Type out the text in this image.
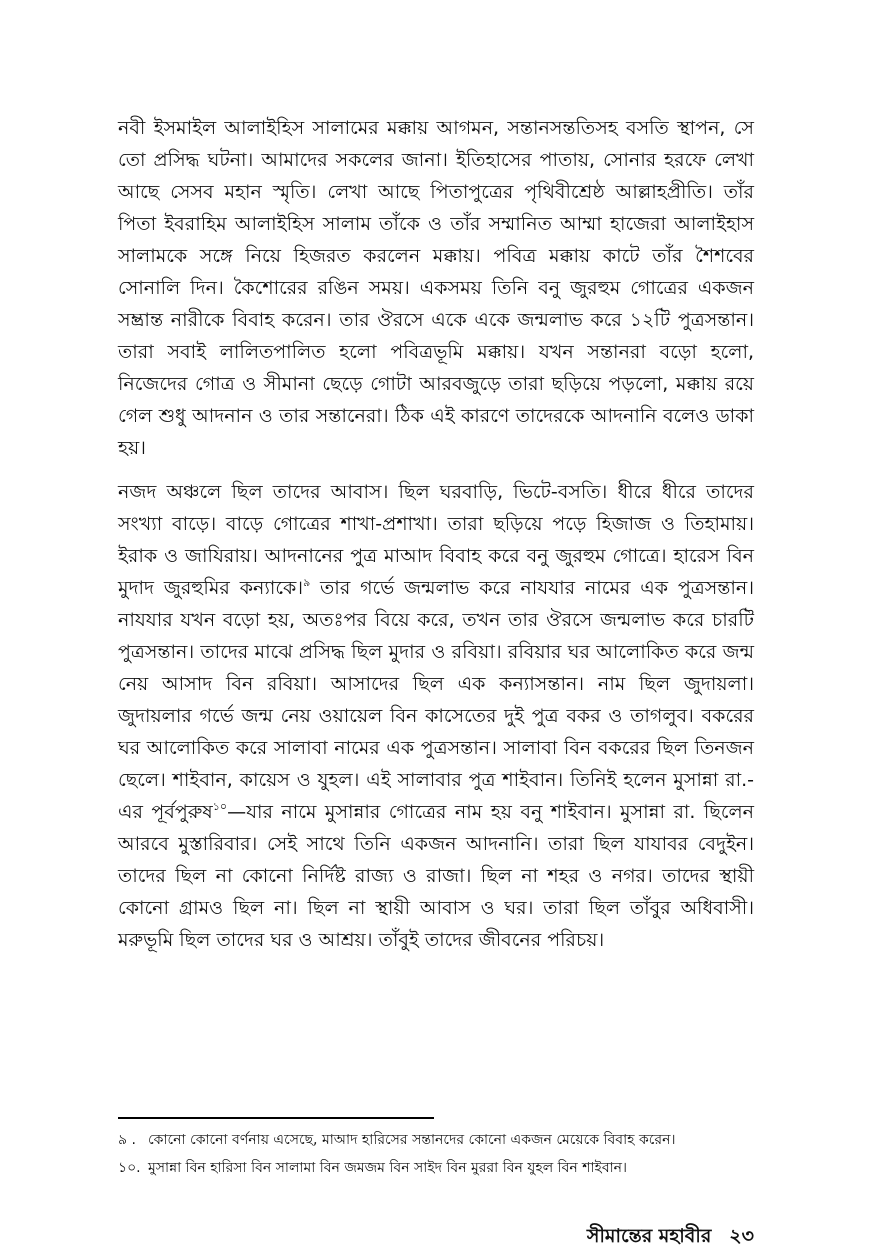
নবী ইসমাইল আলাইহিস সালামের মক্কায় আগমন, সন্তানসন্ততিসহ বসতি স্থাপন, সে তো প্রসিদ্ধ ঘটনা। আমাদের সকলের জানা। ইতিহাসের পাতায়, সোনার হরফে লেখা আছে সেসব মহান স্মৃতি। লেখা আছে পিতাপুত্রের পৃথিবীশ্রেষ্ঠ আল্লাহপ্রীতি। তাঁর পিতা ইবরাহিম আলাইহিস সালাম তাঁকে ও তাঁর সম্মানিত আম্মা হাজেরা আলাইহাস সালামকে সঙ্গে নিয়ে হিজরত করলেন মক্কায়। পবিত্র মক্কায় কাটে তাঁর শৈশবের সোনালি দিন। কৈশোরের রঙিন সময়। একসময় তিনি বনু জুরহুম গোত্রের একজন সম্ভ্রান্ত নারীকে বিবাহ করেন। তার ঔরসে একে একে জন্মলাভ করে ১২টি পুত্রসন্তান। তারা সবাই লালিতপালিত হলো পবিত্রভূমি মক্কায়। যখন সন্তানরা বড়ো হলো, নিজেদের গোত্র ও সীমানা ছেড়ে গোটা আরবজুড়ে তারা ছড়িয়ে পড়লো, মক্কায় রয়ে গেল শুধু আদনান ও তার সন্তানেরা। ঠিক এই কারণে তাদেরকে আদনানি বলেও ডাকা হয়।

নজদ অঞ্চলে ছিল তাদের আবাস। ছিল ঘরবাড়ি, ভিটে-বসতি। ধীরে ধীরে তাদের সংখ্যা বাড়ে। বাড়ে গোত্রের শাখা-প্রশাখা। তারা ছড়িয়ে পড়ে হিজাজ ও তিহামায়। ইরাক ও জাযিরায়। আদনানের পুত্র মাআদ বিবাহ করে বনু জুরহুম গোত্রে। হারেস বিন মুদাদ জুরহুমির কন্যাকে।$^৯$ তার গর্ভে জন্মলাভ করে নাযযার নামের এক পুত্রসন্তান। নাযযার যখন বড়ো হয়, অতঃপর বিয়ে করে, তখন তার ঔরসে জন্মলাভ করে চারটি পুত্রসন্তান। তাদের মাঝে প্রসিদ্ধ ছিল মুদার ও রবিয়া। রবিয়ার ঘর আলোকিত করে জন্ম নেয় আসাদ বিন রবিয়া। আসাদের ছিল এক কন্যাসন্তান। নাম ছিল জুদায়লা। জুদায়লার গর্ভে জন্ম নেয় ওয়ায়েল বিন কাসেতের দুই পুত্র বকর ও তাগলুব। বকরের ঘর আলোকিত করে সালাবা নামের এক পুত্রসন্তান। সালাবা বিন বকরের ছিল তিনজন ছেলে। শাইবান, কায়েস ও যুহল। এই সালাবার পুত্র শাইবান। তিনিই হলেন মুসান্না রা.-এর পূর্বপুরুষ$^{১০}$—যার নামে মুসান্নার গোত্রের নাম হয় বনু শাইবান। মুসান্না রা. ছিলেন আরবে মুস্তারিবার। সেই সাথে তিনি একজন আদনানি। তারা ছিল যাযাবর বেদুইন। তাদের ছিল না কোনো নির্দিষ্ট রাজ্য ও রাজা। ছিল না শহর ও নগর। তাদের স্থায়ী কোনো গ্রামও ছিল না। ছিল না স্থায়ী আবাস ও ঘর। তারা ছিল তাঁবুর অধিবাসী। মরুভূমি ছিল তাদের ঘর ও আশ্রয়। তাঁবুই তাদের জীবনের পরিচয়।

৯ . কোনো কোনো বর্ণনায় এসেছে, মাআদ হারিসের সন্তানদের কোনো একজন মেয়েকে বিবাহ করেন।
১০. মুসান্না বিন হারিসা বিন সালামা বিন জমজম বিন সাইদ বিন মুররা বিন যুহল বিন শাইবান।
সীমান্তের মহাবীর ২৩
